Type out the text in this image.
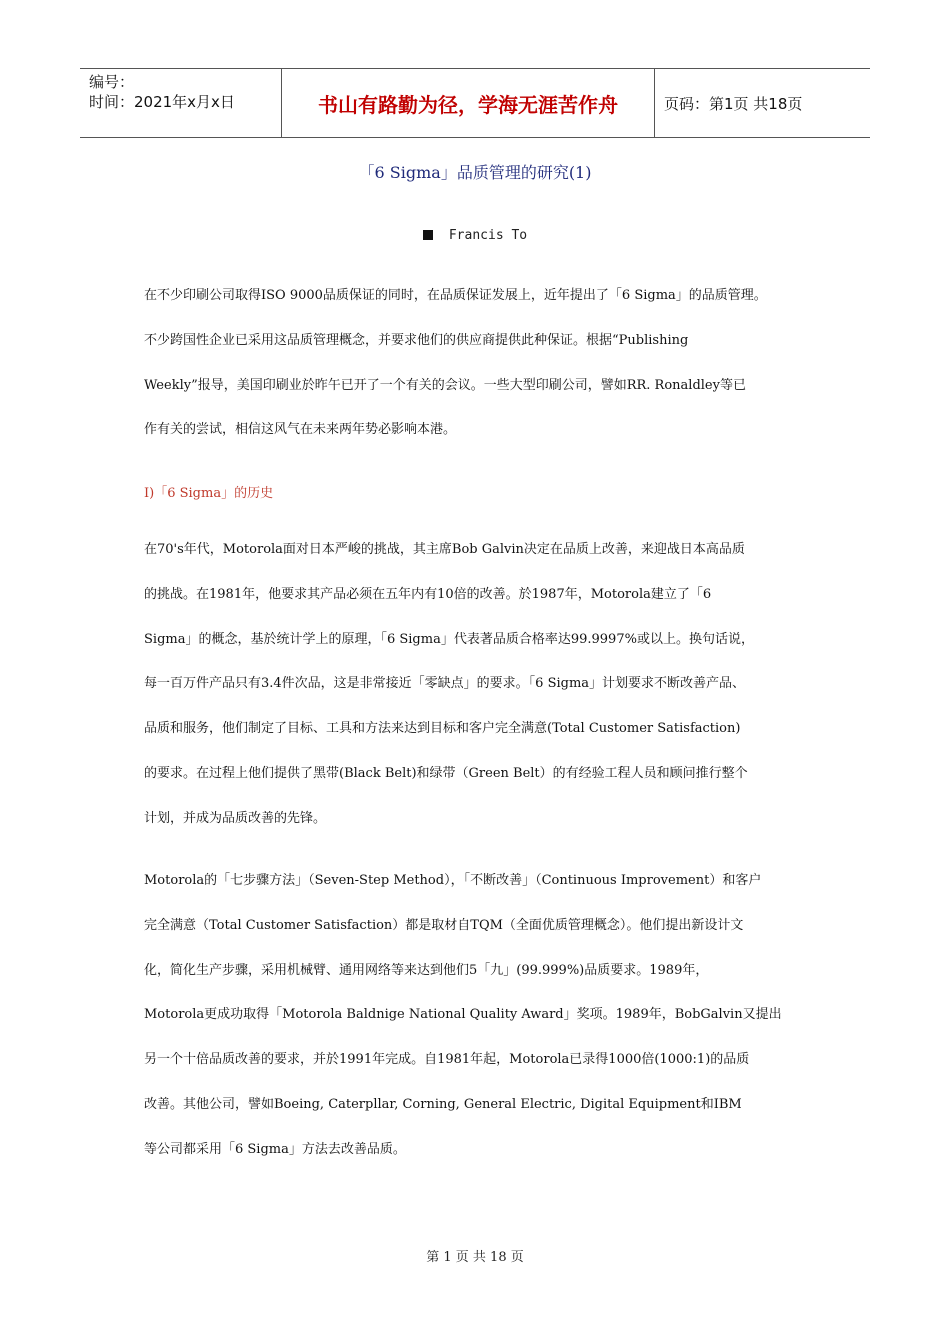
编号：
时间：2021年x月x日	书山有路勤为径，学海无涯苦作舟	页码：第1页 共18页
「6 Sigma」品质管理的研究(1)
Francis To
在不少印刷公司取得ISO 9000品质保证的同时，在品质保证发展上，近年提出了「6 Sigma」的品质管理。
不少跨国性企业已采用这品质管理概念，并要求他们的供应商提供此种保证。根据“Publishing
Weekly”报导，美国印刷业於昨午已开了一个有关的会议。一些大型印刷公司，譬如RR. Ronaldley等已
作有关的尝试，相信这风气在未来两年势必影响本港。
I)「6 Sigma」的历史
在70's年代，Motorola面对日本严峻的挑战，其主席Bob Galvin决定在品质上改善，来迎战日本高品质
的挑战。在1981年，他要求其产品必须在五年内有10倍的改善。於1987年，Motorola建立了「6
Sigma」的概念，基於统计学上的原理，「6 Sigma」代表著品质合格率达99.9997%或以上。换句话说，
每一百万件产品只有3.4件次品，这是非常接近「零缺点」的要求。「6 Sigma」计划要求不断改善产品、
品质和服务，他们制定了目标、工具和方法来达到目标和客户完全满意(Total Customer Satisfaction)
的要求。在过程上他们提供了黑带(Black Belt)和绿带（Green Belt）的有经验工程人员和顾问推行整个
计划，并成为品质改善的先锋。
Motorola的「七步骤方法」（Seven-Step Method），「不断改善」（Continuous Improvement）和客户
完全满意（Total Customer Satisfaction）都是取材自TQM（全面优质管理概念）。他们提出新设计文
化，简化生产步骤，采用机械臂、通用网络等来达到他们5「九」(99.999%)品质要求。1989年，
Motorola更成功取得「Motorola Baldnige National Quality Award」奖项。1989年，BobGalvin又提出
另一个十倍品质改善的要求，并於1991年完成。自1981年起，Motorola已录得1000倍(1000:1)的品质
改善。其他公司，譬如Boeing, Caterpllar, Corning, General Electric, Digital Equipment和IBM
等公司都采用「6 Sigma」方法去改善品质。
第 1 页 共 18 页
